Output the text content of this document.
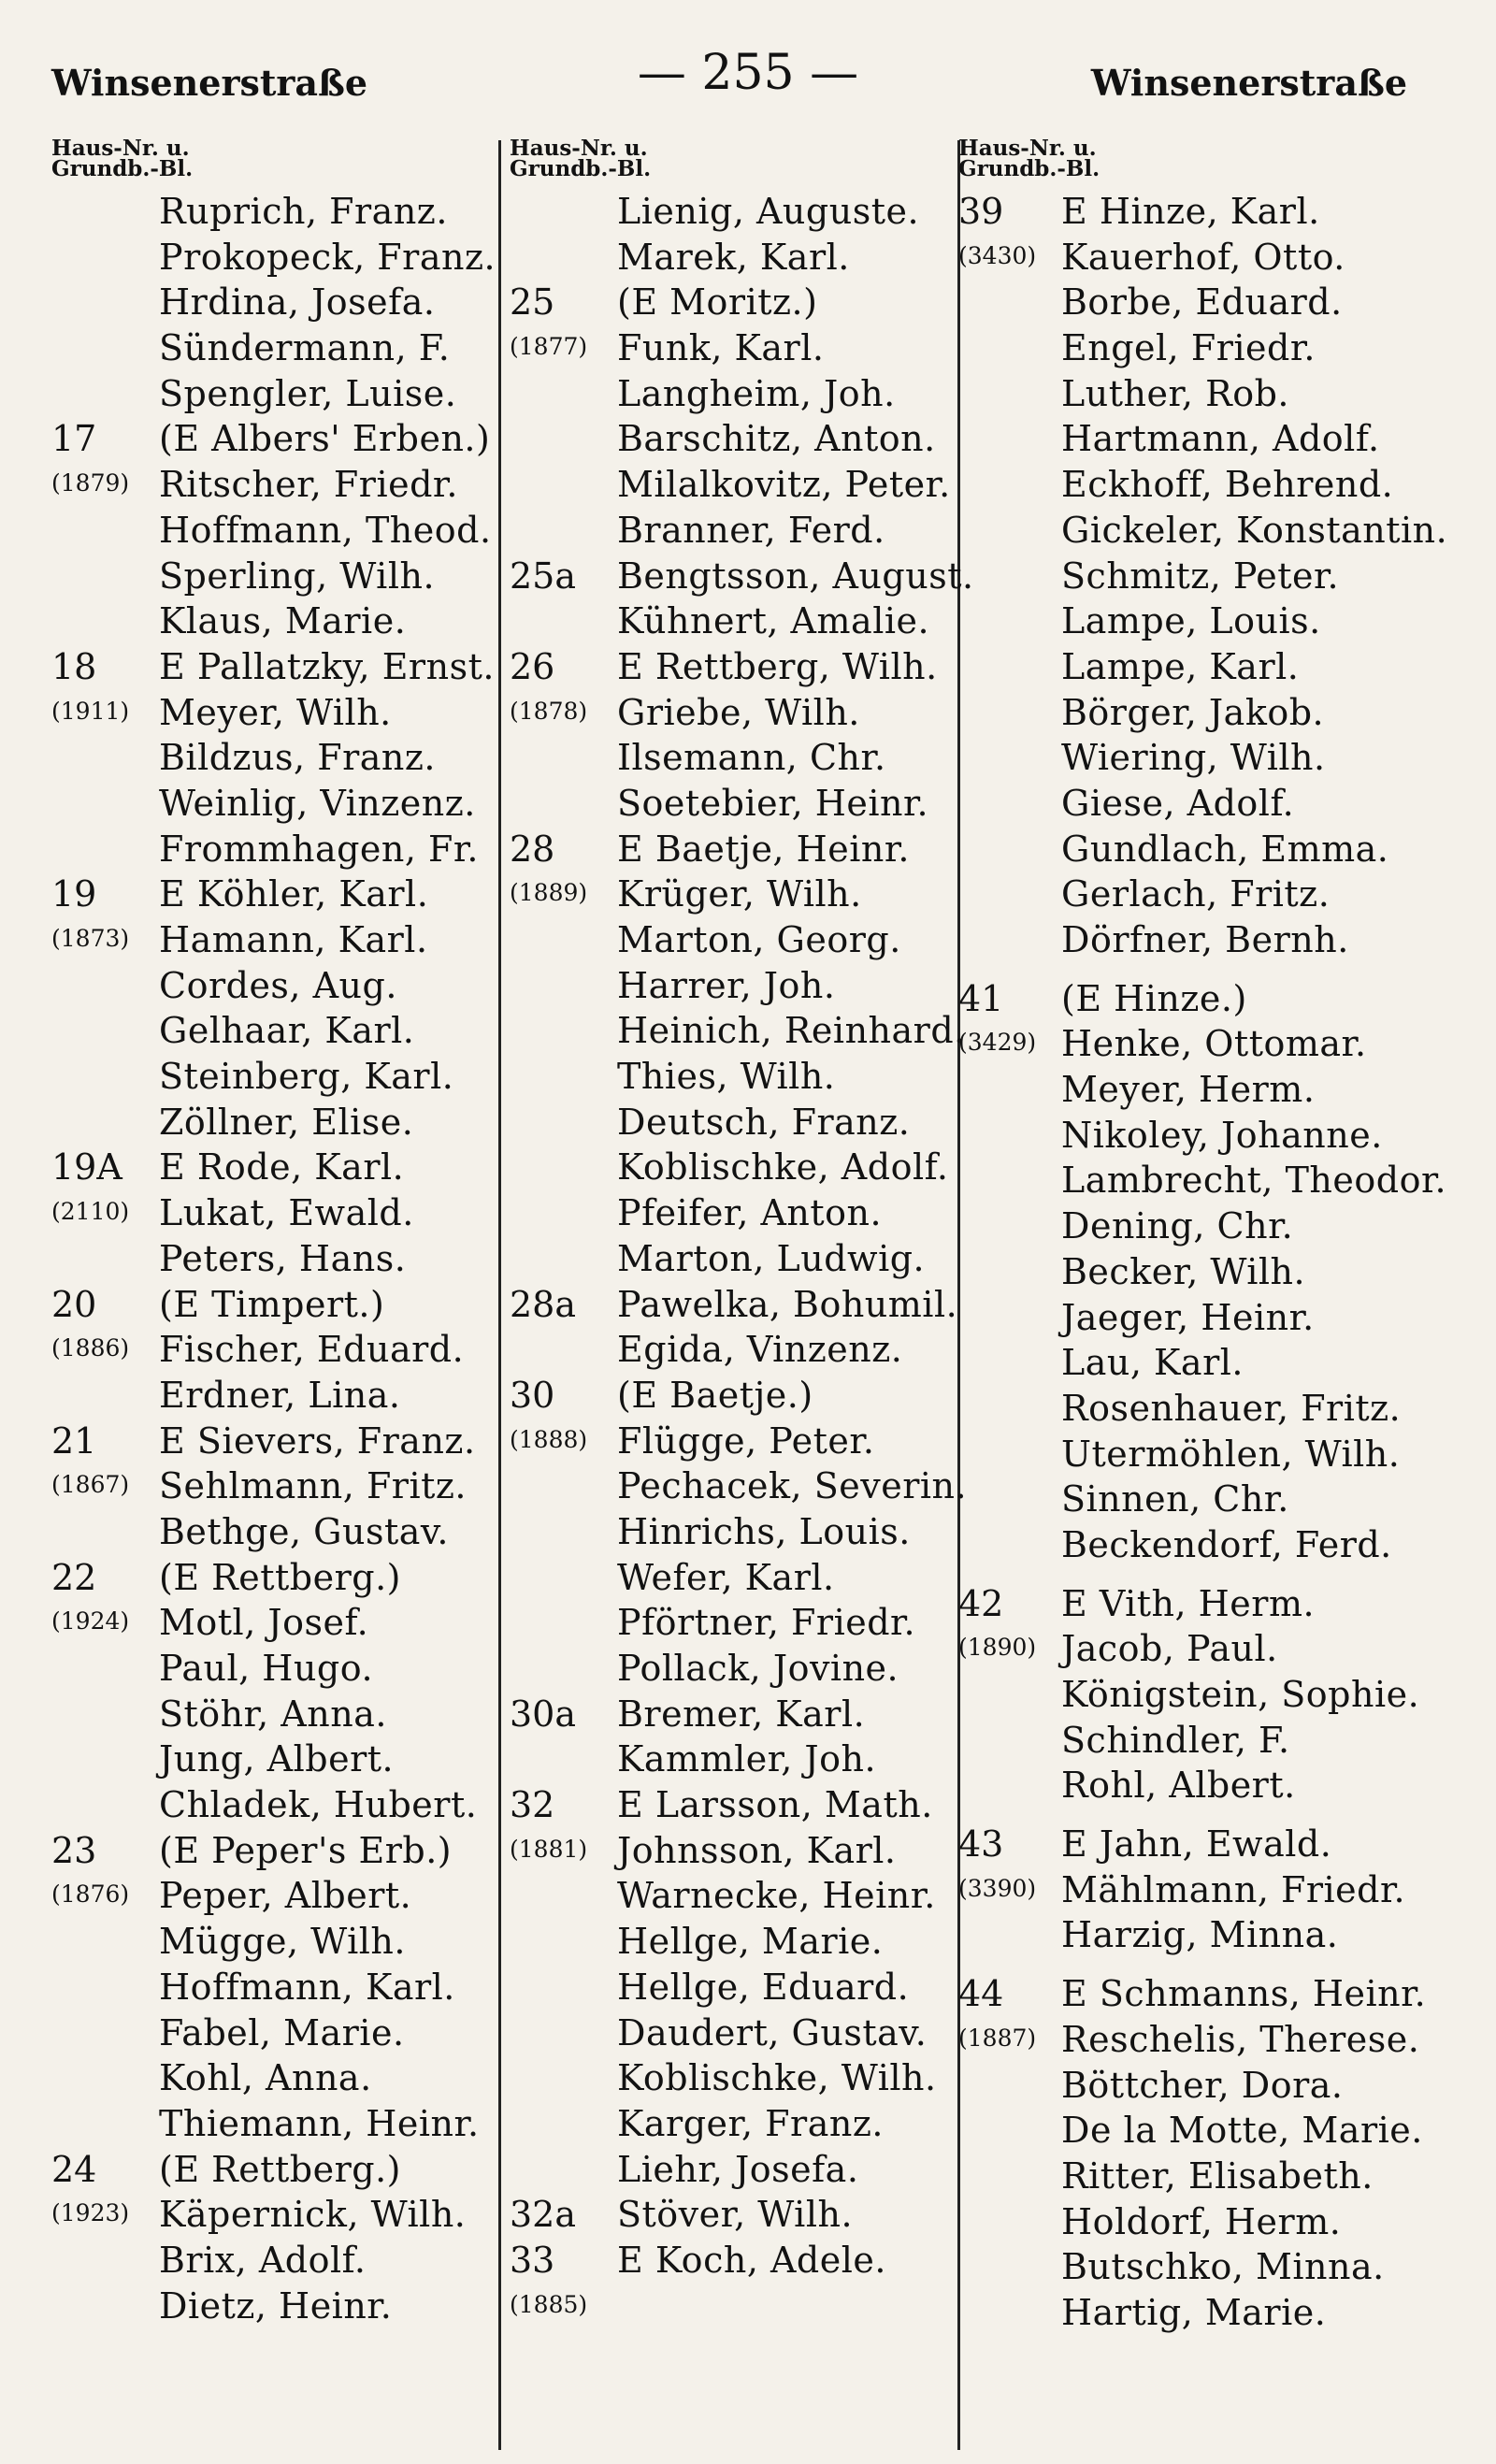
Winsenerstraße	— 255 —	Winsenerstraße
Haus-Nr. u.
Grundb.-Bl.
Ruprich, Franz.
Prokopeck, Franz.
Hrdina, Josefa.
Sündermann, F.
Spengler, Luise.
17 (E Albers' Erben.)
(1879) Ritscher, Friedr.
Hoffmann, Theod.
Sperling, Wilh.
Klaus, Marie.
18 E Pallatzky, Ernst.
(1911) Meyer, Wilh.
Bildzus, Franz.
Weinlig, Vinzenz.
Frommhagen, Fr.
19 E Köhler, Karl.
(1873) Hamann, Karl.
Cordes, Aug.
Gelhaar, Karl.
Steinberg, Karl.
Zöllner, Elise.
19A E Rode, Karl.
(2110) Lukat, Ewald.
Peters, Hans.
20 (E Timpert.)
(1886) Fischer, Eduard.
Erdner, Lina.
21 E Sievers, Franz.
(1867) Sehlmann, Fritz.
Bethge, Gustav.
22 (E Rettberg.)
(1924) Motl, Josef.
Paul, Hugo.
Stöhr, Anna.
Jung, Albert.
Chladek, Hubert.
23 (E Peper's Erb.)
(1876) Peper, Albert.
Mügge, Wilh.
Hoffmann, Karl.
Fabel, Marie.
Kohl, Anna.
Thiemann, Heinr.
24 (E Rettberg.)
(1923) Käpernick, Wilh.
Brix, Adolf.
Dietz, Heinr.
Haus-Nr. u.
Grundb.-Bl.
Lienig, Auguste.
Marek, Karl.
25 (E Moritz.)
(1877) Funk, Karl.
Langheim, Joh.
Barschitz, Anton.
Milalkovitz, Peter.
Branner, Ferd.
25a Bengtsson, August.
Kühnert, Amalie.
26 E Rettberg, Wilh.
(1878) Griebe, Wilh.
Ilsemann, Chr.
Soetebier, Heinr.
28 E Baetje, Heinr.
(1889) Krüger, Wilh.
Marton, Georg.
Harrer, Joh.
Heinich, Reinhard.
Thies, Wilh.
Deutsch, Franz.
Koblischke, Adolf.
Pfeifer, Anton.
Marton, Ludwig.
28a Pawelka, Bohumil.
Egida, Vinzenz.
30 (E Baetje.)
(1888) Flügge, Peter.
Pechacek, Severin.
Hinrichs, Louis.
Wefer, Karl.
Pförtner, Friedr.
Pollack, Jovine.
30a Bremer, Karl.
Kammler, Joh.
32 E Larsson, Math.
(1881) Johnsson, Karl.
Warnecke, Heinr.
Hellge, Marie.
Hellge, Eduard.
Daudert, Gustav.
Koblischke, Wilh.
Karger, Franz.
Liehr, Josefa.
32a Stöver, Wilh.
33 E Koch, Adele.
(1885)
Haus-Nr. u.
Grundb.-Bl.
39 E Hinze, Karl.
(3430) Kauerhof, Otto.
Borbe, Eduard.
Engel, Friedr.
Luther, Rob.
Hartmann, Adolf.
Eckhoff, Behrend.
Gickeler, Konstantin.
Schmitz, Peter.
Lampe, Louis.
Lampe, Karl.
Börger, Jakob.
Wiering, Wilh.
Giese, Adolf.
Gundlach, Emma.
Gerlach, Fritz.
Dörfner, Bernh.
41 (E Hinze.)
(3429) Henke, Ottomar.
Meyer, Herm.
Nikoley, Johanne.
Lambrecht, Theodor.
Dening, Chr.
Becker, Wilh.
Jaeger, Heinr.
Lau, Karl.
Rosenhauer, Fritz.
Utermöhlen, Wilh.
Sinnen, Chr.
Beckendorf, Ferd.
42 E Vith, Herm.
(1890) Jacob, Paul.
Königstein, Sophie.
Schindler, F.
Rohl, Albert.
43 E Jahn, Ewald.
(3390) Mählmann, Friedr.
Harzig, Minna.
44 E Schmanns, Heinr.
(1887) Reschelis, Therese.
Böttcher, Dora.
De la Motte, Marie.
Ritter, Elisabeth.
Holdorf, Herm.
Butschko, Minna.
Hartig, Marie.
